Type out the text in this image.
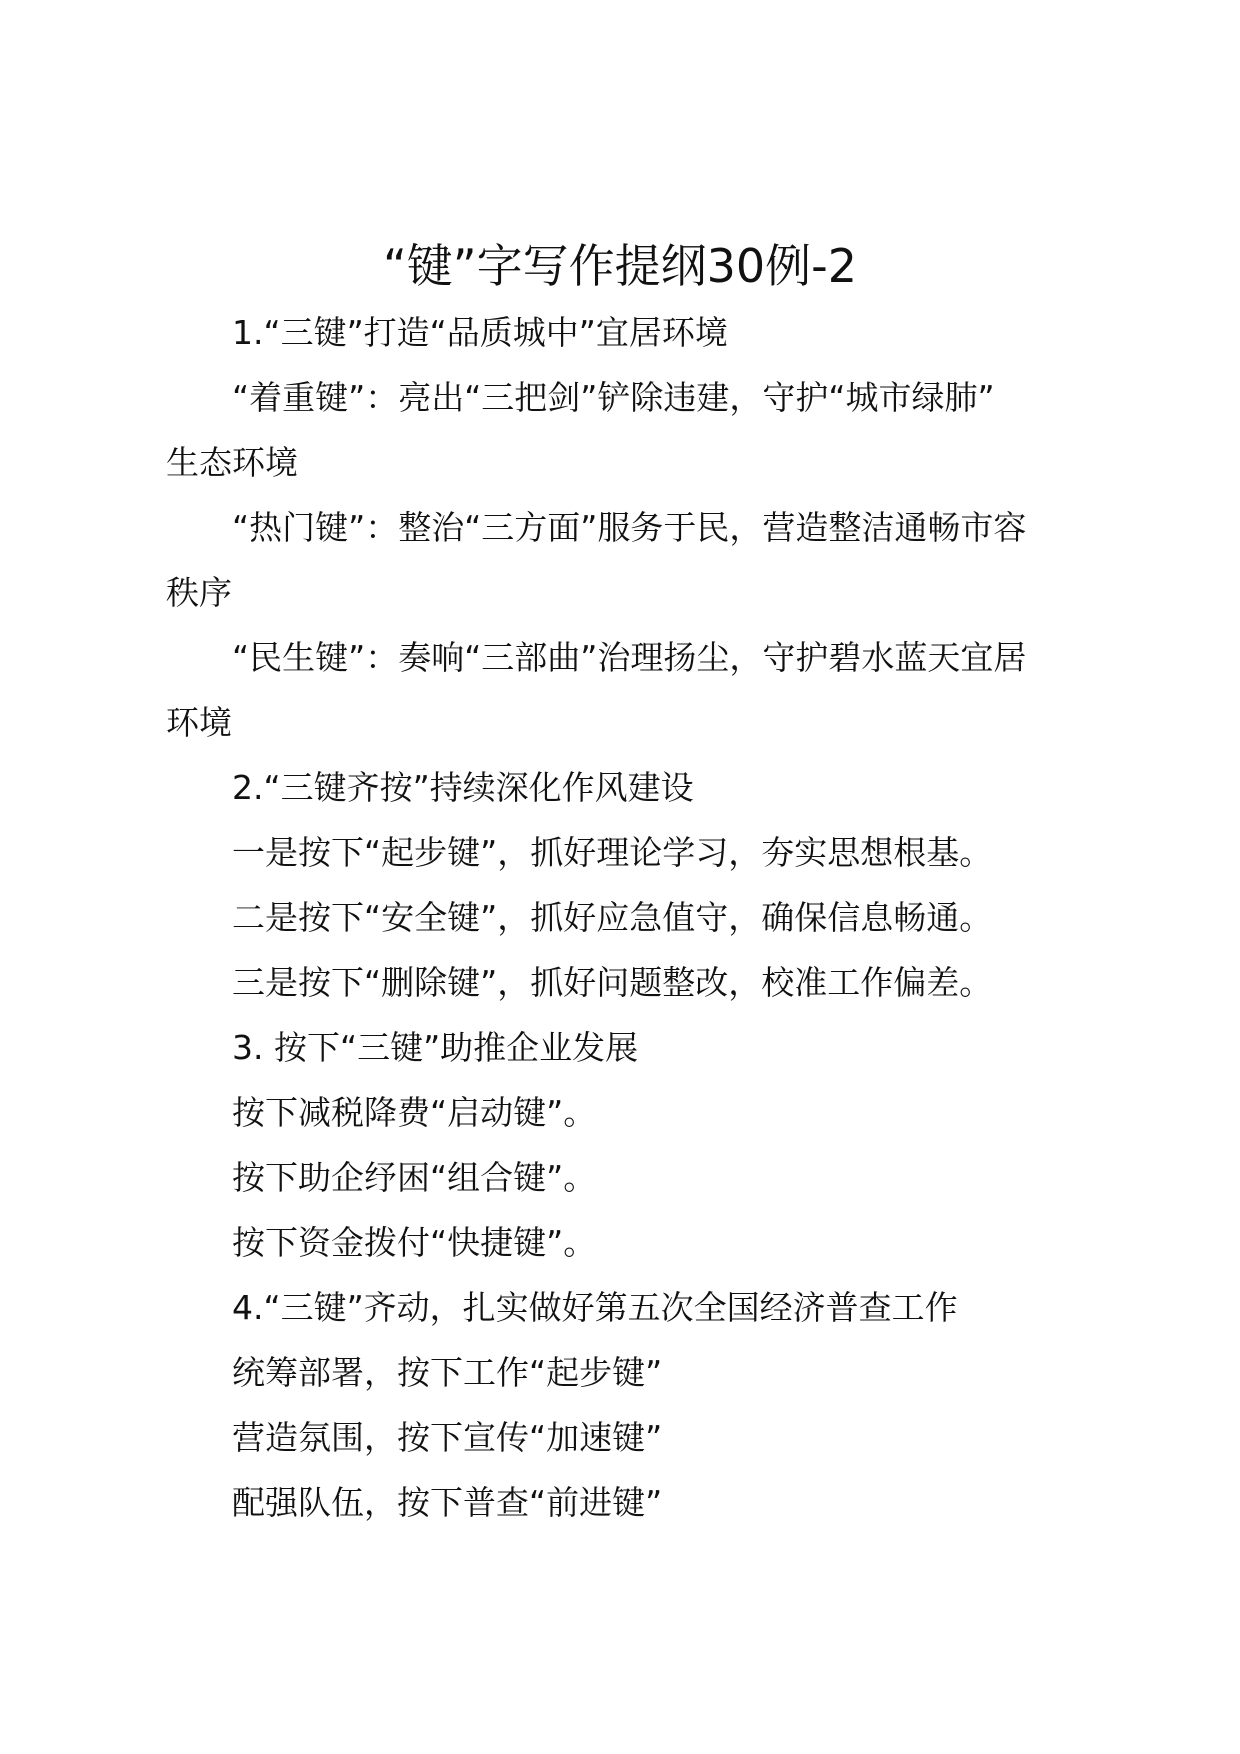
“键”字写作提纲30例-2
1.“三键”打造“品质城中”宜居环境
“着重键”：亮出“三把剑”铲除违建，守护“城市绿肺”
生态环境
“热门键”：整治“三方面”服务于民，营造整洁通畅市容
秩序
“民生键”：奏响“三部曲”治理扬尘，守护碧水蓝天宜居
环境
2.“三键齐按”持续深化作风建设
一是按下“起步键”，抓好理论学习，夯实思想根基。
二是按下“安全键”，抓好应急值守，确保信息畅通。
三是按下“删除键”，抓好问题整改，校准工作偏差。
3. 按下“三键”助推企业发展
按下减税降费“启动键”。
按下助企纾困“组合键”。
按下资金拨付“快捷键”。
4.“三键”齐动，扎实做好第五次全国经济普查工作
统筹部署，按下工作“起步键”
营造氛围，按下宣传“加速键”
配强队伍，按下普查“前进键”
